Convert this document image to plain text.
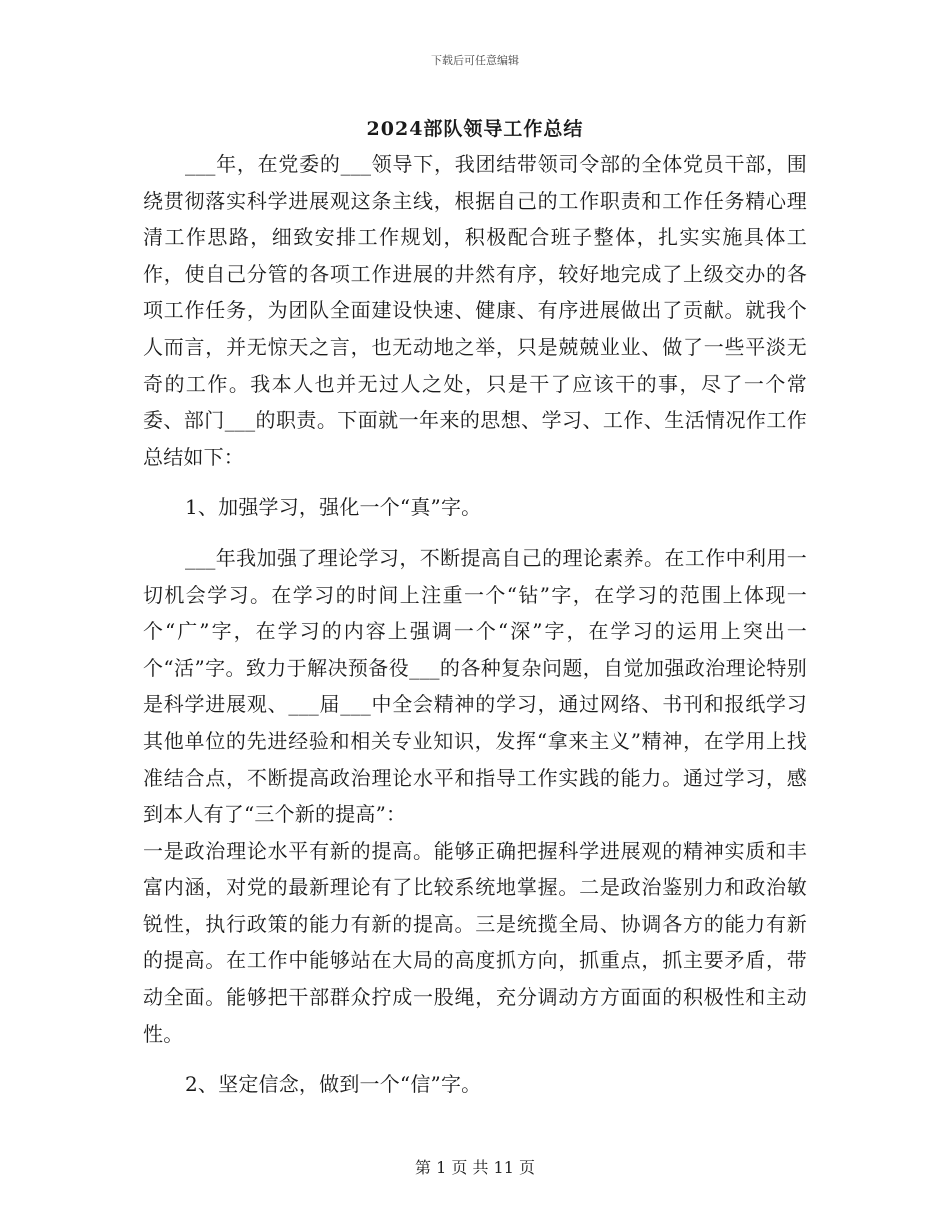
下载后可任意编辑
2024部队领导工作总结

___年，在党委的___领导下，我团结带领司令部的全体党员干部，围绕贯彻落实科学进展观这条主线，根据自己的工作职责和工作任务精心理清工作思路，细致安排工作规划，积极配合班子整体，扎实实施具体工作，使自己分管的各项工作进展的井然有序，较好地完成了上级交办的各项工作任务，为团队全面建设快速、健康、有序进展做出了贡献。就我个人而言，并无惊天之言，也无动地之举，只是兢兢业业、做了一些平淡无奇的工作。我本人也并无过人之处，只是干了应该干的事，尽了一个常委、部门___的职责。下面就一年来的思想、学习、工作、生活情况作工作总结如下：

1、加强学习，强化一个“真”字。

___年我加强了理论学习，不断提高自己的理论素养。在工作中利用一切机会学习。在学习的时间上注重一个“钻”字，在学习的范围上体现一个“广”字，在学习的内容上强调一个“深”字，在学习的运用上突出一个“活”字。致力于解决预备役___的各种复杂问题，自觉加强政治理论特别是科学进展观、___届___中全会精神的学习，通过网络、书刊和报纸学习其他单位的先进经验和相关专业知识，发挥“拿来主义”精神，在学用上找准结合点，不断提高政治理论水平和指导工作实践的能力。通过学习，感到本人有了“三个新的提高”：

一是政治理论水平有新的提高。能够正确把握科学进展观的精神实质和丰富内涵，对党的最新理论有了比较系统地掌握。二是政治鉴别力和政治敏锐性，执行政策的能力有新的提高。三是统揽全局、协调各方的能力有新的提高。在工作中能够站在大局的高度抓方向，抓重点，抓主要矛盾，带动全面。能够把干部群众拧成一股绳，充分调动方方面面的积极性和主动性。

2、坚定信念，做到一个“信”字。

第 1 页 共 11 页
